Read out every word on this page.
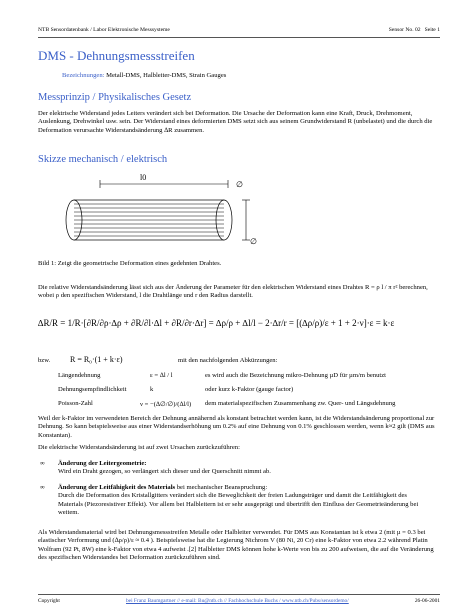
NTB Sensordatenbank / Labor Elektronische Messsysteme	Sensor No. 02 Seite 1
DMS - Dehnungsmessstreifen
Bezeichnungen: Metall-DMS, Halbleiter-DMS, Strain Gauges
Messprinzip / Physikalisches Gesetz
Der elektrische Widerstand jedes Leiters verändert sich bei Deformation. Die Ursache der Deformation kann eine Kraft, Druck, Drehmoment, Auslenkung, Drehwinkel usw. sein. Der Widerstand eines deformierten DMS setzt sich aus seinem Grundwiderstand R (unbelastet) und die durch die Deformation verursachte Widerstandsänderung ∆R zusammen.
Skizze mechanisch / elektrisch
l0
∅
∅
Bild 1: Zeigt die geometrische Deformation eines gedehnten Drahtes.
Die relative Widerstandsänderung lässt sich aus der Änderung der Parameter für den elektrischen Widerstand eines Drahtes R = ρ l / π r² berechnen, wobei ρ den spezifischen Widerstand, l die Drahtlänge und r den Radius darstellt.
∆R/R = 1/R·[∂R/∂ρ·∆ρ + ∂R/∂l·∆l + ∂R/∂r·∆r] = ∆ρ/ρ + ∆l/l − 2·∆r/r = [(∆ρ/ρ)/ε + 1 + 2·ν]·ε = k·ε
bzw. R = R₀·(1 + k·ε)	mit den nachfolgenden Abkürzungen:
Längendehnung	ε = ∆l / l	es wird auch die Bezeichnung mikro-Dehnung µD für µm/m benutzt
Dehnungsempfindlichkeit	k	oder kurz k-Faktor (gauge factor)
Poisson-Zahl	ν = −(∆∅/∅)/(∆l/l) dem materialspezifischen Zusammenhang zw. Quer- und Längsdehnung
Weil der k-Faktor im verwendeten Bereich der Dehnung annähernd als konstant betrachtet werden kann, ist die Widerstandsänderung proportional zur Dehnung. So kann beispielsweise aus einer Widerstandserhöhung um 0.2% auf eine Dehnung von 0.1% geschlossen werden, wenn k≈2 gilt (DMS aus Konstantan).
Die elektrische Widerstandsänderung ist auf zwei Ursachen zurückzuführen:
∞ Änderung der Leitergeometrie:
Wird ein Draht gezogen, so verlängert sich dieser und der Querschnitt nimmt ab.
∞ Änderung der Leitfähigkeit des Materials bei mechanischer Beanspruchung:
Durch die Deformation des Kristallgitters verändert sich die Beweglichkeit der freien Ladungsträger und damit die Leitfähigkeit des Materials (Piezoresistiver Effekt). Vor allem bei Halbleitern ist er sehr ausgeprägt und übertrifft den Einfluss der Geometrieänderung bei weitem.
Als Widerstandsmaterial wird bei Dehnungsmessstreifen Metalle oder Halbleiter verwendet. Für DMS aus Konstantan ist k etwa 2 (mit µ = 0.3 bei elastischer Verformung und (∆ρ/ρ)/ε ≈ 0.4 ). Beispielsweise hat die Legierung Nichrom V (80 Ni, 20 Cr) eine k-Faktor von etwa 2.2 während Platin Wolfram (92 Pt, 8W) eine k-Faktor von etwa 4 aufweist .[2] Halbleiter DMS können hohe k-Werte von bis zu 200 aufweisen, die auf die Veränderung des spezifischen Widerstandes bei Deformation zurückzuführen sind.
Copyright	bei Franz Baumgartner // e-mail: Bu@ntb.ch // Fachhochschule Buchs / www.ntb.ch/Pubs/sensordemo/	26-06-2001
